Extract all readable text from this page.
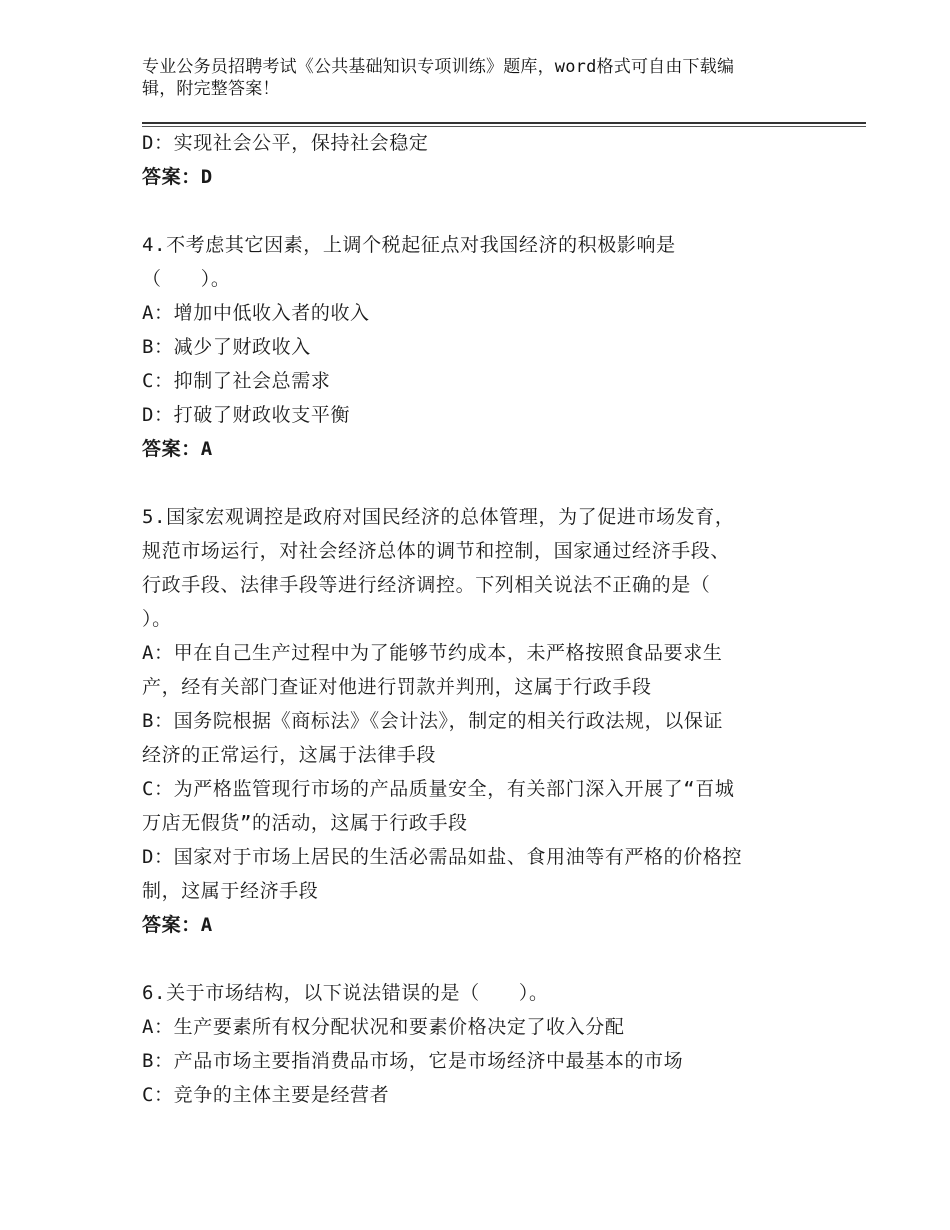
专业公务员招聘考试《公共基础知识专项训练》题库，word格式可自由下载编
辑，附完整答案！
D：实现社会公平，保持社会稳定
答案：D
4.不考虑其它因素，上调个税起征点对我国经济的积极影响是
（　　）。
A：增加中低收入者的收入
B：减少了财政收入
C：抑制了社会总需求
D：打破了财政收支平衡
答案：A
5.国家宏观调控是政府对国民经济的总体管理，为了促进市场发育，
规范市场运行，对社会经济总体的调节和控制，国家通过经济手段、
行政手段、法律手段等进行经济调控。下列相关说法不正确的是（
）。
A：甲在自己生产过程中为了能够节约成本，未严格按照食品要求生
产，经有关部门查证对他进行罚款并判刑，这属于行政手段
B：国务院根据《商标法》《会计法》，制定的相关行政法规，以保证
经济的正常运行，这属于法律手段
C：为严格监管现行市场的产品质量安全，有关部门深入开展了“百城
万店无假货”的活动，这属于行政手段
D：国家对于市场上居民的生活必需品如盐、食用油等有严格的价格控
制，这属于经济手段
答案：A
6.关于市场结构，以下说法错误的是（　　）。
A：生产要素所有权分配状况和要素价格决定了收入分配
B：产品市场主要指消费品市场，它是市场经济中最基本的市场
C：竞争的主体主要是经营者
